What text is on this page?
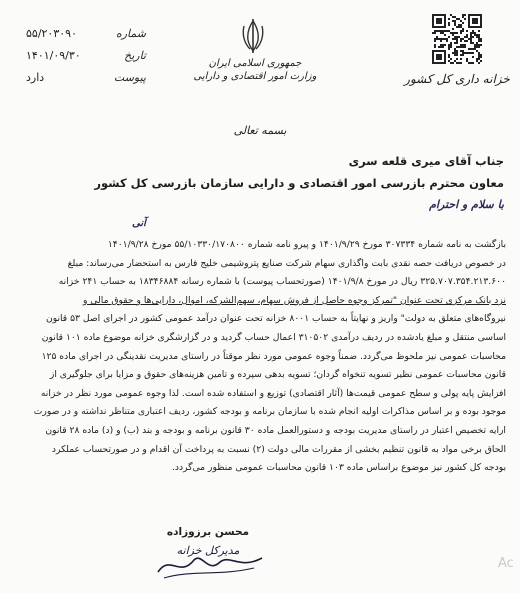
شماره
۵۵/۲۰۳۰۹۰
تاریخ
۱۴۰۱/۰۹/۳۰
پیوست
دارد
جمهوری اسلامی ایران
وزارت امور اقتصادی و دارایی	خزانه داری کل کشور
بسمه تعالی
جناب آقای میری قلعه سری
معاون محترم بازرسی امور اقتصادی و دارایی سازمان بازرسی کل کشور
با سلام و احترام
آنی
بازگشت به نامه شماره ۳۰۷۳۳۴ مورخ ۱۴۰۱/۹/۲۹ و پیرو نامه شماره ۵۵/۱۰۳۳۰/۱۷۰۸۰۰ مورخ ۱۴۰۱/۹/۲۸
در خصوص دریافت حصه نقدی بابت واگذاری سهام شرکت صنایع پتروشیمی خلیج فارس به استحضار می‌رساند: مبلغ
۳۲۵.۷۰۷.۳۵۴.۲۱۳.۶۰۰ ریال در مورخ ۱۴۰۱/۹/۸ (صورتحساب پیوست) با شماره رسانه ۱۸۳۴۶۸۸۴ به حساب ۲۴۱ خزانه
نزد بانک مرکزی تحت عنوان "تمرکز وجوه حاصل از فروش سهام، سهم‌الشرکه، اموال، دارایی‌ها و حقوق مالی و
نیروگاه‌های متعلق به دولت" واریز و نهایتاً به حساب ۸۰۰۱ خزانه تحت عنوان درآمد عمومی کشور در اجرای اصل ۵۳ قانون
اساسی منتقل و مبلغ یادشده در ردیف درآمدی ۳۱۰۵۰۲ اعمال حساب گردید و در گزارشگری خزانه موضوع ماده ۱۰۱ قانون
محاسبات عمومی نیز ملحوظ می‌گردد. ضمناً وجوه عمومی مورد نظر موقتاً در راستای مدیریت نقدینگی در اجرای ماده ۱۲۵
قانون محاسبات عمومی نظیر تسویه تنخواه گردان؛ تسویه بدهی سپرده و تامین هزینه‌های حقوق و مزایا برای جلوگیری از
افزایش پایه پولی و سطح عمومی قیمت‌ها (آثار اقتصادی) توزیع و استفاده شده است. لذا وجوه عمومی مورد نظر در خزانه
موجود بوده و بر اساس مذاکرات اولیه انجام شده با سازمان برنامه و بودجه کشور، ردیف اعتباری متناظر نداشته و در صورت
ارایه تخصیص اعتبار در راستای مدیریت بودجه و دستورالعمل ماده ۳۰ قانون برنامه و بودجه و بند (ب) و (د) ماده ۲۸ قانون
الحاق برخی مواد به قانون تنظیم بخشی از مقررات مالی دولت (۲) نسبت به پرداخت آن اقدام و در صورتحساب عملکرد
بودجه کل کشور نیز موضوع براساس ماده ۱۰۳ قانون محاسبات عمومی منظور می‌گردد.
محسن برزوزاده
مدیرکل خزانه
Ac
